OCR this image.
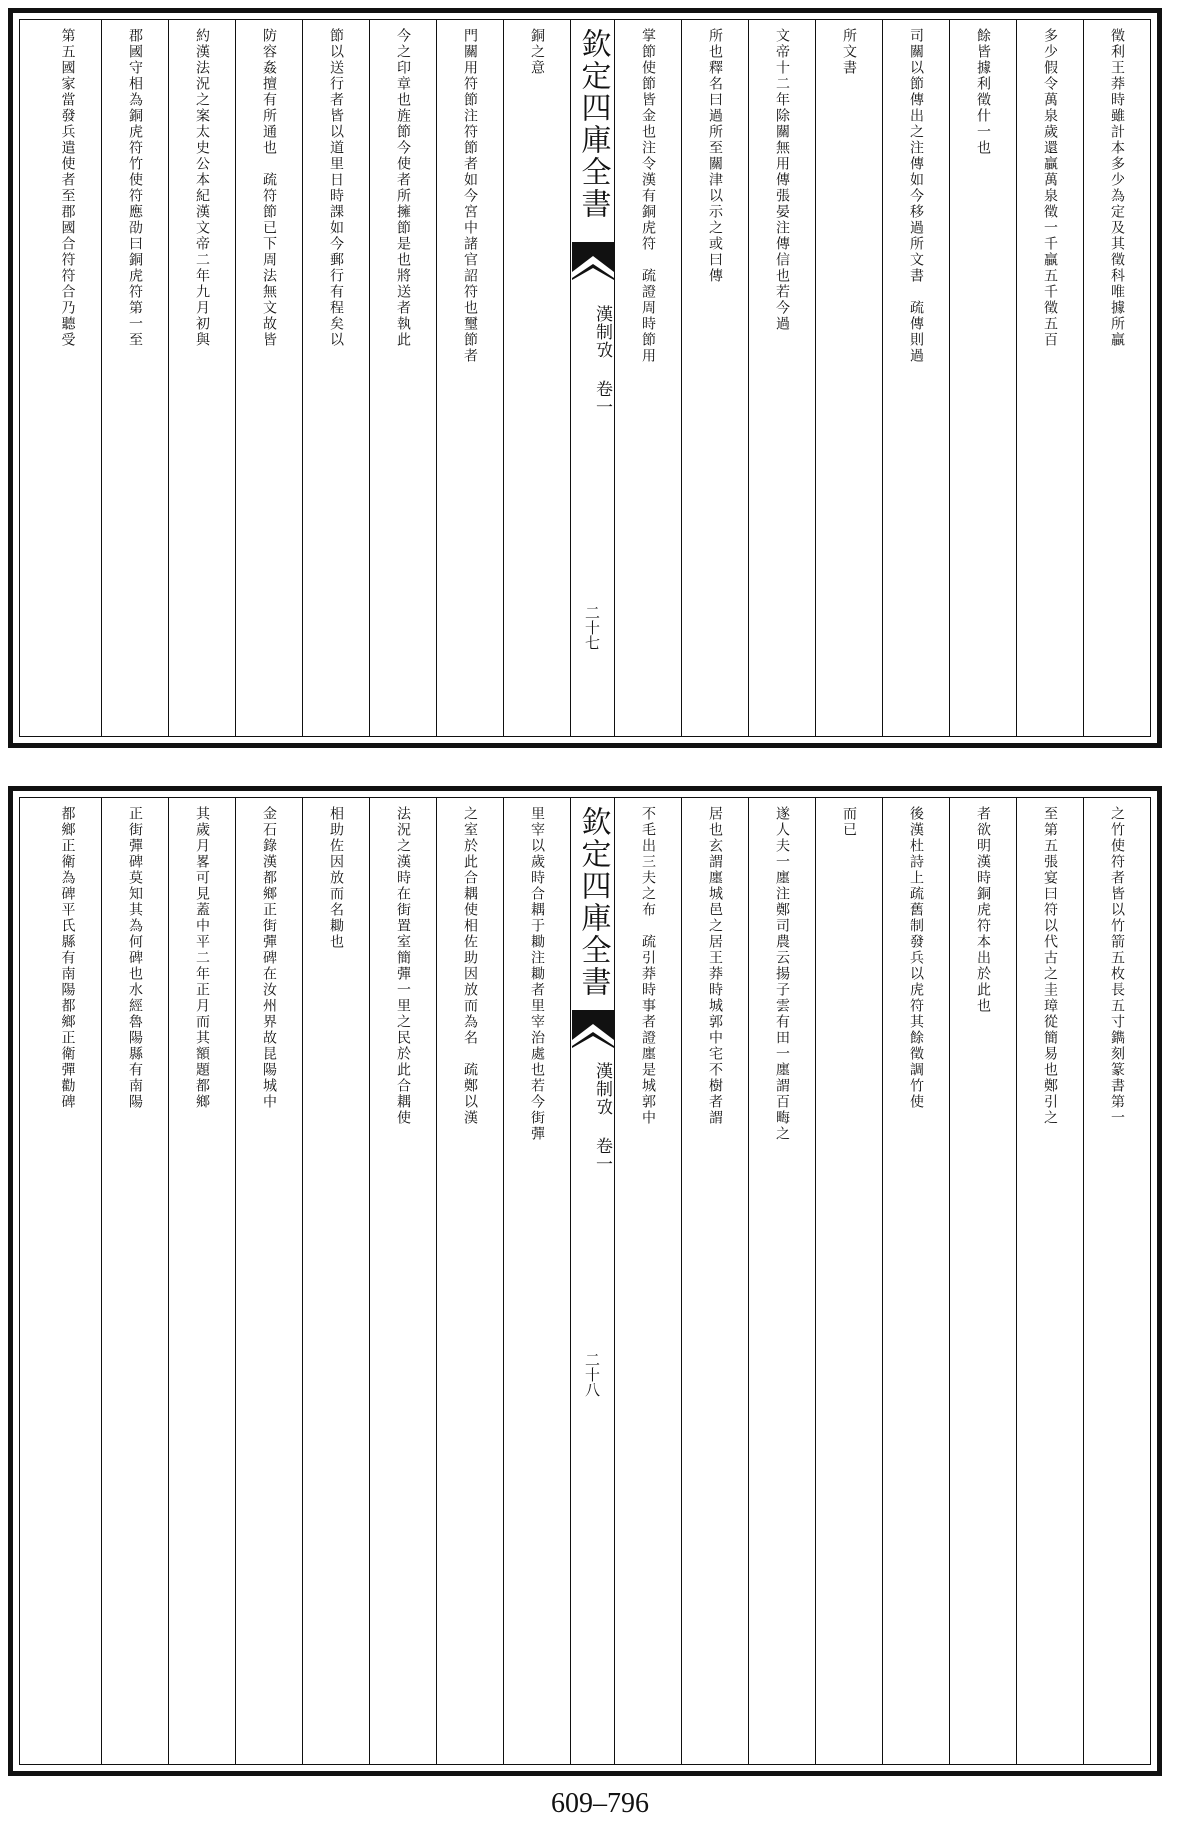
徵利王莽時雖計本多少為定及其徵科唯據所贏
多少假令萬泉歲還贏萬泉徵一千贏五千徵五百
餘皆據利徵什一也
司關以節傳出之注傳如今移過所文書　疏傳則過
所文書
文帝十二年除關無用傳張晏注傳信也若今過
所也釋名曰過所至關津以示之或曰傳
掌節使節皆金也注令漢有銅虎符　疏證周時節用
欽定四庫全書
漢制攷 卷一
二十七
銅之意
門關用符節注符節者如今宮中諸官詔符也璽節者
今之印章也旌節今使者所擁節是也將送者執此
節以送行者皆以道里日時課如今郵行有程矣以
防容姦擅有所通也　疏符節已下周法無文故皆
約漢法況之案太史公本紀漢文帝二年九月初與
郡國守相為銅虎符竹使符應劭曰銅虎符第一至
第五國家當發兵遣使者至郡國合符符合乃聽受
之竹使符者皆以竹箭五枚長五寸鐫刻篆書第一
至第五張宴曰符以代古之圭璋從簡易也鄭引之
者欲明漢時銅虎符本出於此也
後漢杜詩上疏舊制發兵以虎符其餘徵調竹使
而已
遂人夫一廛注鄭司農云揚子雲有田一廛謂百畮之
居也玄謂廛城邑之居王莽時城郭中宅不樹者謂
不毛出三夫之布　疏引莽時事者證廛是城郭中
欽定四庫全書
漢制攷 卷一
二十八
里宰以歲時合耦于耡注耡者里宰治處也若今街彈
之室於此合耦使相佐助因放而為名　疏鄭以漢
法況之漢時在街置室簡彈一里之民於此合耦使
相助佐因放而名耡也
金石錄漢都鄉正街彈碑在汝州界故昆陽城中
其歲月畧可見蓋中平二年正月而其額題都鄉
正街彈碑莫知其為何碑也水經魯陽縣有南陽
都鄉正衛為碑平氏縣有南陽都鄉正衛彈勸碑
609–796
